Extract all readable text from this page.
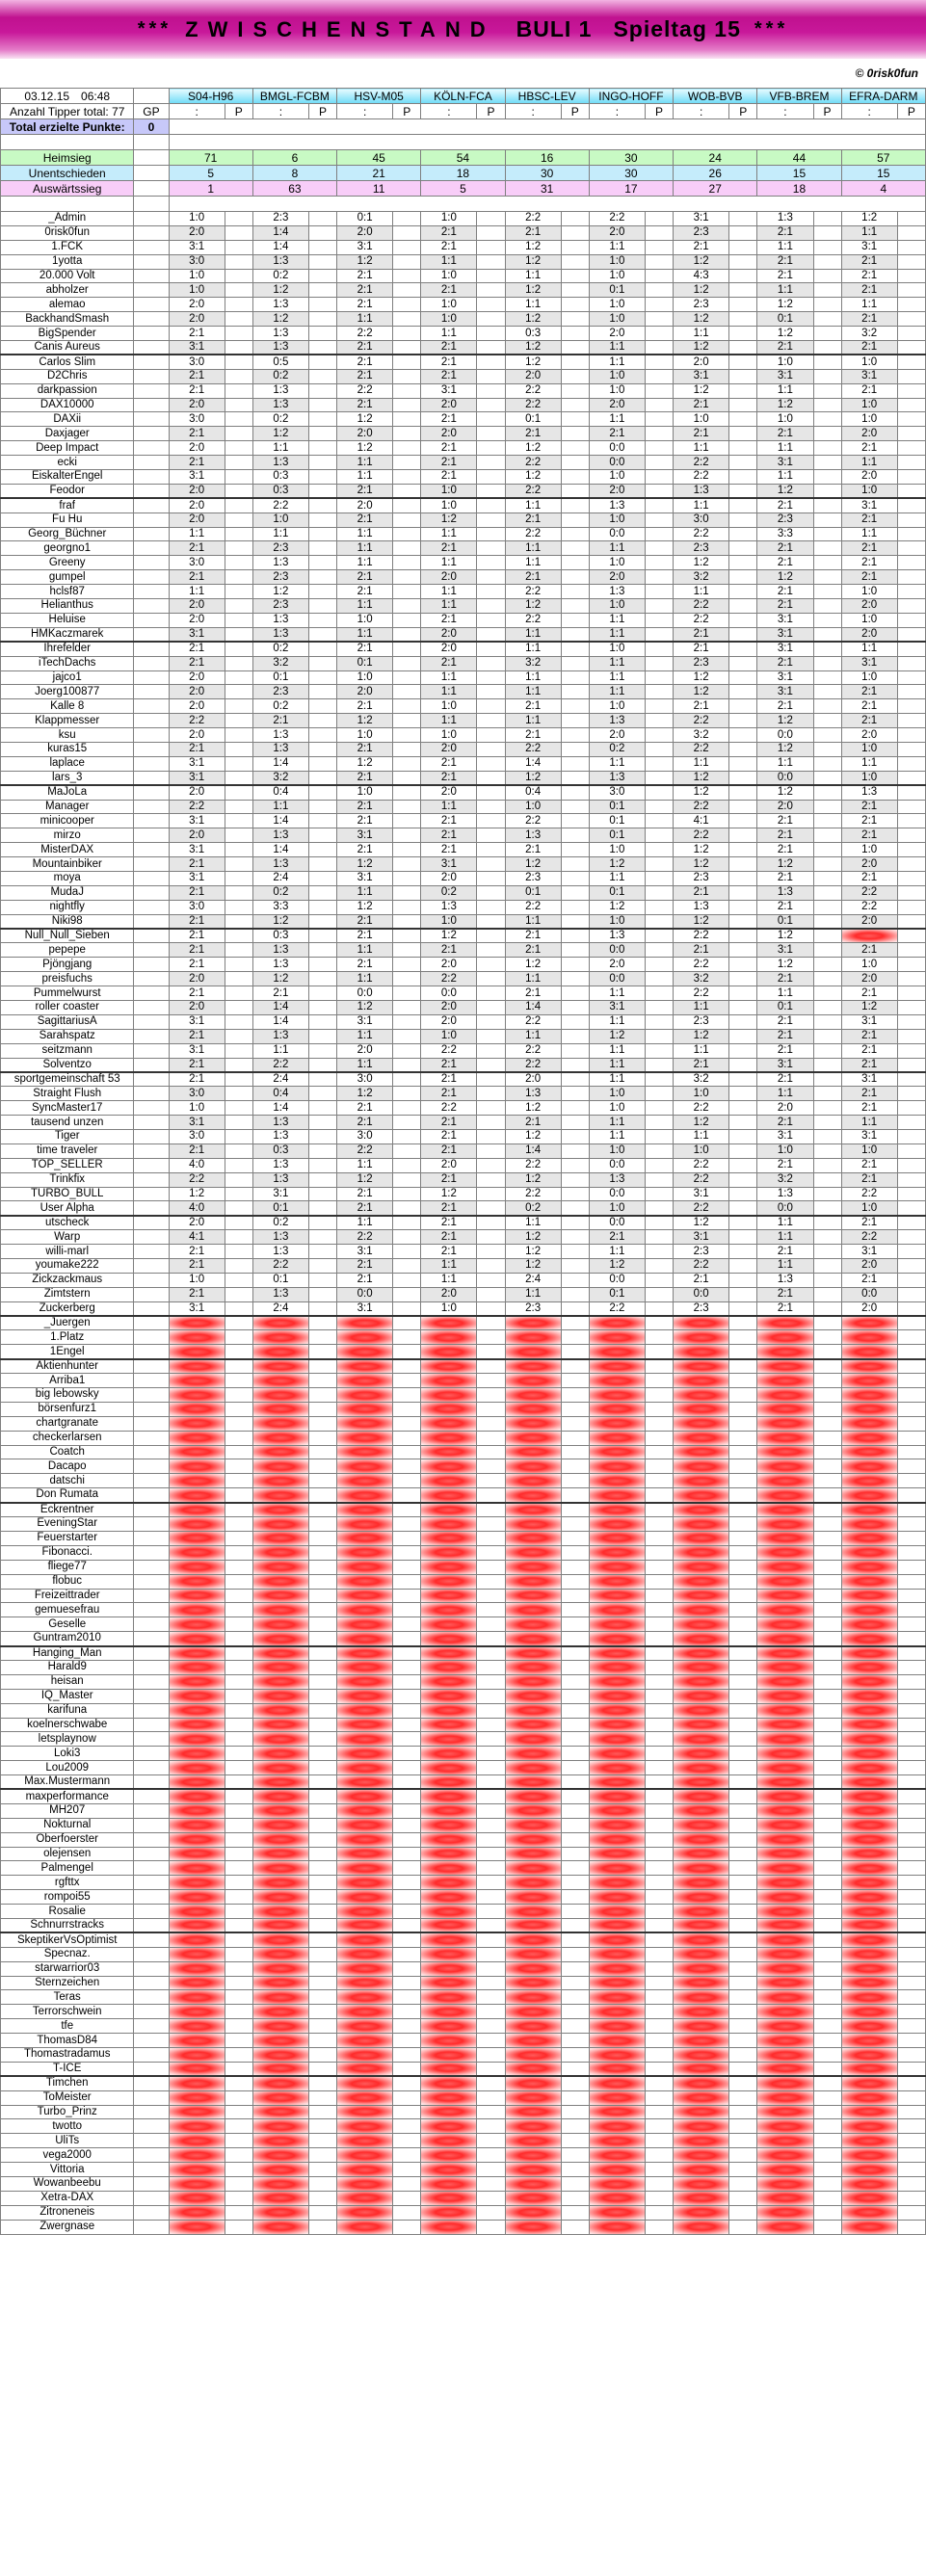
*** ZWISCHENSTAND BULI 1 Spieltag 15 ***
© 0risk0fun
03.12.15 06:48		S04-H96		BMGL-FCBM		HSV-M05		KÖLN-FCA		HBSC-LEV		INGO-HOFF		WOB-BVB		VFB-BREM		EFRA-DARM	
Anzahl Tipper total: 77	GP	:	P	:	P	:	P	:	P	:	P	:	P	:	P	:	P	:	P
Total erzielte Punkte:	0																		

Heimsieg		71		6		45		54		16		30		24		44		57	
Unentschieden		5		8		21		18		30		30		26		15		15	
Auswärtssieg		1		63		11		5		31		17		27		18		4	

_Admin		1:0		2:3		0:1		1:0		2:2		2:2		3:1		1:3		1:2	
0risk0fun		2:0		1:4		2:0		2:1		2:1		2:0		2:3		2:1		1:1	
1.FCK		3:1		1:4		3:1		2:1		1:2		1:1		2:1		1:1		3:1	
1yotta		3:0		1:3		1:2		1:1		1:2		1:0		1:2		2:1		2:1	
20.000 Volt		1:0		0:2		2:1		1:0		1:1		1:0		4:3		2:1		2:1	
abholzer		1:0		1:2		2:1		2:1		1:2		0:1		1:2		1:1		2:1	
alemao		2:0		1:3		2:1		1:0		1:1		1:0		2:3		1:2		1:1	
BackhandSmash		2:0		1:2		1:1		1:0		1:2		1:0		1:2		0:1		2:1	
BigSpender		2:1		1:3		2:2		1:1		0:3		2:0		1:1		1:2		3:2	
Canis Aureus		3:1		1:3		2:1		2:1		1:2		1:1		1:2		2:1		2:1	
Carlos Slim		3:0		0:5		2:1		2:1		1:2		1:1		2:0		1:0		1:0	
D2Chris		2:1		0:2		2:1		2:1		2:0		1:0		3:1		3:1		3:1	
darkpassion		2:1		1:3		2:2		3:1		2:2		1:0		1:2		1:1		2:1	
DAX10000		2:0		1:3		2:1		2:0		2:2		2:0		2:1		1:2		1:0	
DAXii		3:0		0:2		1:2		2:1		0:1		1:1		1:0		1:0		1:0	
Daxjager		2:1		1:2		2:0		2:0		2:1		2:1		2:1		2:1		2:0	
Deep Impact		2:0		1:1		1:2		2:1		1:2		0:0		1:1		1:1		2:1	
ecki		2:1		1:3		1:1		2:1		2:2		0:0		2:2		3:1		1:1	
EiskalterEngel		3:1		0:3		1:1		2:1		1:2		1:0		2:2		1:1		2:0	
Feodor		2:0		0:3		2:1		1:0		2:2		2:0		1:3		1:2		1:0	
fraf		2:0		2:2		2:0		1:0		1:1		1:3		1:1		2:1		3:1	
Fu Hu		2:0		1:0		2:1		1:2		2:1		1:0		3:0		2:3		2:1	
Georg_Büchner		1:1		1:1		1:1		1:1		2:2		0:0		2:2		3:3		1:1	
georgno1		2:1		2:3		1:1		2:1		1:1		1:1		2:3		2:1		2:1	
Greeny		3:0		1:3		1:1		1:1		1:1		1:0		1:2		2:1		2:1	
gumpel		2:1		2:3		2:1		2:0		2:1		2:0		3:2		1:2		2:1	
hclsf87		1:1		1:2		2:1		1:1		2:2		1:3		1:1		2:1		1:0	
Helianthus		2:0		2:3		1:1		1:1		1:2		1:0		2:2		2:1		2:0	
Heluise		2:0		1:3		1:0		2:1		2:2		1:1		2:2		3:1		1:0	
HMKaczmarek		3:1		1:3		1:1		2:0		1:1		1:1		2:1		3:1		2:0	
Ihrefelder		2:1		0:2		2:1		2:0		1:1		1:0		2:1		3:1		1:1	
iTechDachs		2:1		3:2		0:1		2:1		3:2		1:1		2:3		2:1		3:1	
jajco1		2:0		0:1		1:0		1:1		1:1		1:1		1:2		3:1		1:0	
Joerg100877		2:0		2:3		2:0		1:1		1:1		1:1		1:2		3:1		2:1	
Kalle 8		2:0		0:2		2:1		1:0		2:1		1:0		2:1		2:1		2:1	
Klappmesser		2:2		2:1		1:2		1:1		1:1		1:3		2:2		1:2		2:1	
ksu		2:0		1:3		1:0		1:0		2:1		2:0		3:2		0:0		2:0	
kuras15		2:1		1:3		2:1		2:0		2:2		0:2		2:2		1:2		1:0	
laplace		3:1		1:4		1:2		2:1		1:4		1:1		1:1		1:1		1:1	
lars_3		3:1		3:2		2:1		2:1		1:2		1:3		1:2		0:0		1:0	
MaJoLa		2:0		0:4		1:0		2:0		0:4		3:0		1:2		1:2		1:3	
Manager		2:2		1:1		2:1		1:1		1:0		0:1		2:2		2:0		2:1	
minicooper		3:1		1:4		2:1		2:1		2:2		0:1		4:1		2:1		2:1	
mirzo		2:0		1:3		3:1		2:1		1:3		0:1		2:2		2:1		2:1	
MisterDAX		3:1		1:4		2:1		2:1		2:1		1:0		1:2		2:1		1:0	
Mountainbiker		2:1		1:3		1:2		3:1		1:2		1:2		1:2		1:2		2:0	
moya		3:1		2:4		3:1		2:0		2:3		1:1		2:3		2:1		2:1	
MudaJ		2:1		0:2		1:1		0:2		0:1		0:1		2:1		1:3		2:2	
nightfly		3:0		3:3		1:2		1:3		2:2		1:2		1:3		2:1		2:2	
Niki98		2:1		1:2		2:1		1:0		1:1		1:0		1:2		0:1		2:0	
Null_Null_Sieben		2:1		0:3		2:1		1:2		2:1		1:3		2:2		1:2			
pepepe		2:1		1:3		1:1		2:1		2:1		0:0		2:1		3:1		2:1	
Pjöngjang		2:1		1:3		2:1		2:0		1:2		2:0		2:2		1:2		1:0	
preisfuchs		2:0		1:2		1:1		2:2		1:1		0:0		3:2		2:1		2:0	
Pummelwurst		2:1		2:1		0:0		0:0		2:1		1:1		2:2		1:1		2:1	
roller coaster		2:0		1:4		1:2		2:0		1:4		3:1		1:1		0:1		1:2	
SagittariusA		3:1		1:4		3:1		2:0		2:2		1:1		2:3		2:1		3:1	
Sarahspatz		2:1		1:3		1:1		1:0		1:1		1:2		1:2		2:1		2:1	
seitzmann		3:1		1:1		2:0		2:2		2:2		1:1		1:1		2:1		2:1	
Solventzo		2:1		2:2		1:1		2:1		2:2		1:1		2:1		3:1		2:1	
sportgemeinschaft 53		2:1		2:4		3:0		2:1		2:0		1:1		3:2		2:1		3:1	
Straight Flush		3:0		0:4		1:2		2:1		1:3		1:0		1:0		1:1		2:1	
SyncMaster17		1:0		1:4		2:1		2:2		1:2		1:0		2:2		2:0		2:1	
tausend unzen		3:1		1:3		2:1		2:1		2:1		1:1		1:2		2:1		1:1	
Tiger		3:0		1:3		3:0		2:1		1:2		1:1		1:1		3:1		3:1	
time traveler		2:1		0:3		2:2		2:1		1:4		1:0		1:0		1:0		1:0	
TOP_SELLER		4:0		1:3		1:1		2:0		2:2		0:0		2:2		2:1		2:1	
Trinkfix		2:2		1:3		1:2		2:1		1:2		1:3		2:2		3:2		2:1	
TURBO_BULL		1:2		3:1		2:1		1:2		2:2		0:0		3:1		1:3		2:2	
User Alpha		4:0		0:1		2:1		2:1		0:2		1:0		2:2		0:0		1:0	
utscheck		2:0		0:2		1:1		2:1		1:1		0:0		1:2		1:1		2:1	
Warp		4:1		1:3		2:2		2:1		1:2		2:1		3:1		1:1		2:2	
willi-marl		2:1		1:3		3:1		2:1		1:2		1:1		2:3		2:1		3:1	
youmake222		2:1		2:2		2:1		1:1		1:2		1:2		2:2		1:1		2:0	
Zickzackmaus		1:0		0:1		2:1		1:1		2:4		0:0		2:1		1:3		2:1	
Zimtstern		2:1		1:3		0:0		2:0		1:1		0:1		0:0		2:1		0:0	
Zuckerberg		3:1		2:4		3:1		1:0		2:3		2:2		2:3		2:1		2:0	
_Juergen																			
1.Platz																			
1Engel																			
Aktienhunter																			
Arriba1																			
big lebowsky																			
börsenfurz1																			
chartgranate																			
checkerlarsen																			
Coatch																			
Dacapo																			
datschi																			
Don Rumata																			
Eckrentner																			
EveningStar																			
Feuerstarter																			
Fibonacci.																			
fliege77																			
flobuc																			
Freizeittrader																			
gemuesefrau																			
Geselle																			
Guntram2010																			
Hanging_Man																			
Harald9																			
heisan																			
IQ_Master																			
karifuna																			
koelnerschwabe																			
letsplaynow																			
Loki3																			
Lou2009																			
Max.Mustermann																			
maxperformance																			
MH207																			
Nokturnal																			
Oberfoerster																			
olejensen																			
Palmengel																			
rgfttx																			
rompoi55																			
Rosalie																			
Schnurrstracks																			
SkeptikerVsOptimist																			
Specnaz.																			
starwarrior03																			
Sternzeichen																			
Teras																			
Terrorschwein																			
tfe																			
ThomasD84																			
Thomastradamus																			
T-ICE																			
Timchen																			
ToMeister																			
Turbo_Prinz																			
twotto																			
UliTs																			
vega2000																			
Vittoria																			
Wowanbeebu																			
Xetra-DAX																			
Zitroneneis																			
Zwergnase																			
